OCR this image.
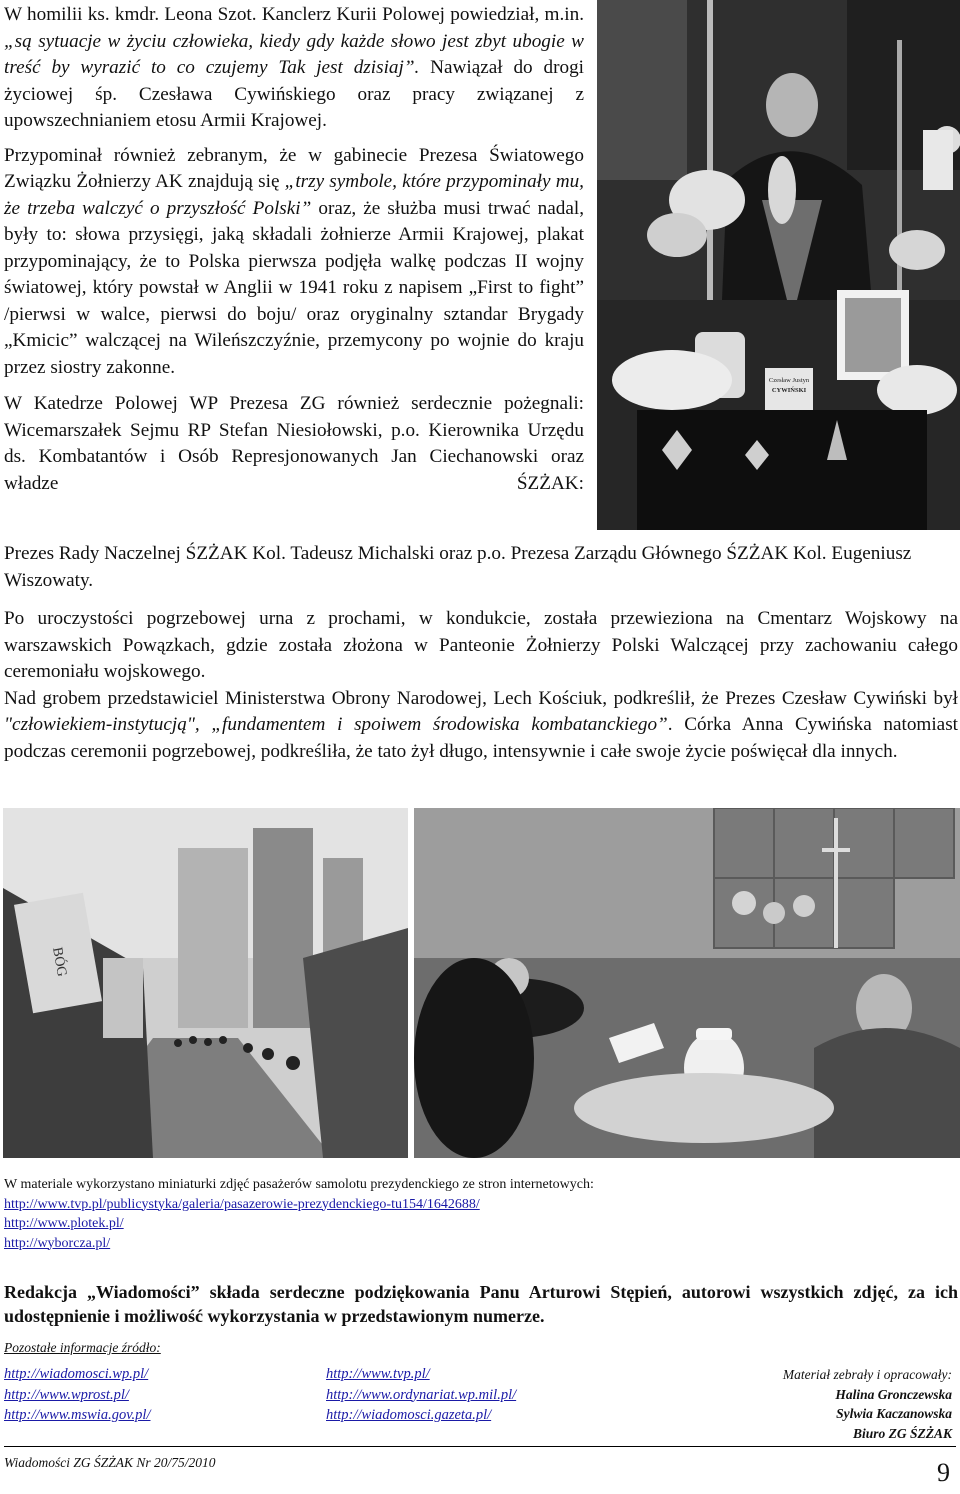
W homilii ks. kmdr. Leona Szot. Kanclerz Kurii Polowej powiedział, m.in. „są sytuacje w życiu człowieka, kiedy gdy każde słowo jest zbyt ubogie w treść by wyrazić to co czujemy Tak jest dzisiaj”. Nawiązał do drogi życiowej śp. Czesława Cywińskiego oraz pracy związanej z upowszechnianiem etosu Armii Krajowej.

Przypominał również zebranym, że w gabinecie Prezesa Światowego Związku Żołnierzy AK znajdują się „trzy symbole, które przypominały mu, że trzeba walczyć o przyszłość Polski” oraz, że służba musi trwać nadal, były to: słowa przysięgi, jaką składali żołnierze Armii Krajowej, plakat przypominający, że to Polska pierwsza podjęła walkę podczas II wojny światowej, który powstał w Anglii w 1941 roku z napisem „First to fight” /pierwsi w walce, pierwsi do boju/ oraz oryginalny sztandar Brygady „Kmicic” walczącej na Wileńszczyźnie, przemycony po wojnie do kraju przez siostry zakonne.

W Katedrze Polowej WP Prezesa ZG również serdecznie pożegnali: Wicemarszałek Sejmu RP Stefan Niesiołowski, p.o. Kierownika Urzędu ds. Kombatantów i Osób Represjonowanych Jan Ciechanowski oraz władze ŚZŻAK:

Prezes Rady Naczelnej ŚZŻAK Kol. Tadeusz Michalski oraz p.o. Prezesa Zarządu Głównego ŚZŻAK Kol. Eugeniusz Wiszowaty.

Po uroczystości pogrzebowej urna z prochami, w kondukcie, została przewieziona na Cmentarz Wojskowy na warszawskich Powązkach, gdzie została złożona w Panteonie Żołnierzy Polski Walczącej przy zachowaniu całego ceremoniału wojskowego.

Nad grobem przedstawiciel Ministerstwa Obrony Narodowej, Lech Kościuk, podkreślił, że Prezes Czesław Cywiński był "człowiekiem-instytucją", „fundamentem i spoiwem środowiska kombatanckiego”. Córka Anna Cywińska natomiast podczas ceremonii pogrzebowej, podkreśliła, że tato żył długo, intensywnie i całe swoje życie poświęcał dla innych.

Czesław Justyn
CYWIŃSKI
BÓG
W materiale wykorzystano miniaturki zdjęć pasażerów samolotu prezydenckiego ze stron internetowych:
http://www.tvp.pl/publicystyka/galeria/pasazerowie-prezydenckiego-tu154/1642688/
http://www.plotek.pl/
http://wyborcza.pl/

Redakcja „Wiadomości” składa serdeczne podziękowania Panu Arturowi Stępień, autorowi wszystkich zdjęć, za ich udostępnienie i możliwość wykorzystania w przedstawionym numerze.

Pozostałe informacje źródło:
http://wiadomosci.wp.pl/
http://www.wprost.pl/
http://www.mswia.gov.pl/
http://www.tvp.pl/
http://www.ordynariat.wp.mil.pl/
http://wiadomosci.gazeta.pl/
Materiał zebrały i opracowały:
Halina Gronczewska
Sylwia Kaczanowska
Biuro ZG ŚZŻAK
Wiadomości ZG ŚZŻAK Nr 20/75/2010	9
